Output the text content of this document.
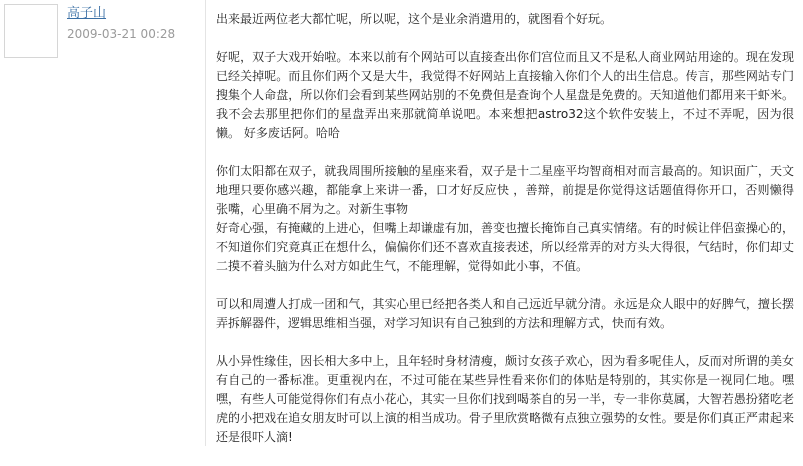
高子山
2009-03-21 00:28

出来最近两位老大都忙呢，所以呢，这个是业余消遣用的，就图看个好玩。

好呢，双子大戏开始啦。本来以前有个网站可以直接查出你们宫位而且又不是私人商业网站用途的。现在发现已经关掉呢。而且你们两个又是大牛，我觉得不好网站上直接输入你们个人的出生信息。传言，那些网站专门搜集个人命盘，所以你们会看到某些网站别的不免费但是查询个人星盘是免费的。天知道他们都用来干虾米。我不会去那里把你们的星盘弄出来那就简单说吧。本来想把astro32这个软件安装上，不过不弄呢，因为很懒。 好多废话阿。哈哈

你们太阳都在双子，就我周围所接触的星座来看，双子是十二星座平均智商相对而言最高的。知识面广，天文地理只要你感兴趣，都能拿上来讲一番，口才好反应快 ，善辩，前提是你觉得这话题值得你开口，否则懒得张嘴，心里确不屑为之。对新生事物

好奇心强，有掩藏的上进心，但嘴上却谦虚有加，善变也擅长掩饰自己真实情绪。有的时候让伴侣蛮操心的，不知道你们究竟真正在想什么，偏偏你们还不喜欢直接表述，所以经常弄的对方头大得很，气结时，你们却丈二摸不着头脑为什么对方如此生气，不能理解，觉得如此小事，不值。

可以和周遭人打成一团和气，其实心里已经把各类人和自己远近早就分清。永远是众人眼中的好脾气，擅长摆弄拆解器件，逻辑思维相当强，对学习知识有自己独到的方法和理解方式，快而有效。

从小异性缘佳，因长相大多中上，且年轻时身材清瘦，颇讨女孩子欢心，因为看多呢佳人，反而对所谓的美女有自己的一番标准。更重视内在，不过可能在某些异性看来你们的体贴是特别的，其实你是一视同仁地。嘿嘿，有些人可能觉得你们有点小花心，其实一旦你们找到喝茶自的另一半，专一非你莫属，大智若愚扮猪吃老虎的小把戏在追女朋友时可以上演的相当成功。骨子里欣赏略微有点独立强势的女性。要是你们真正严肃起来还是很吓人滴!
